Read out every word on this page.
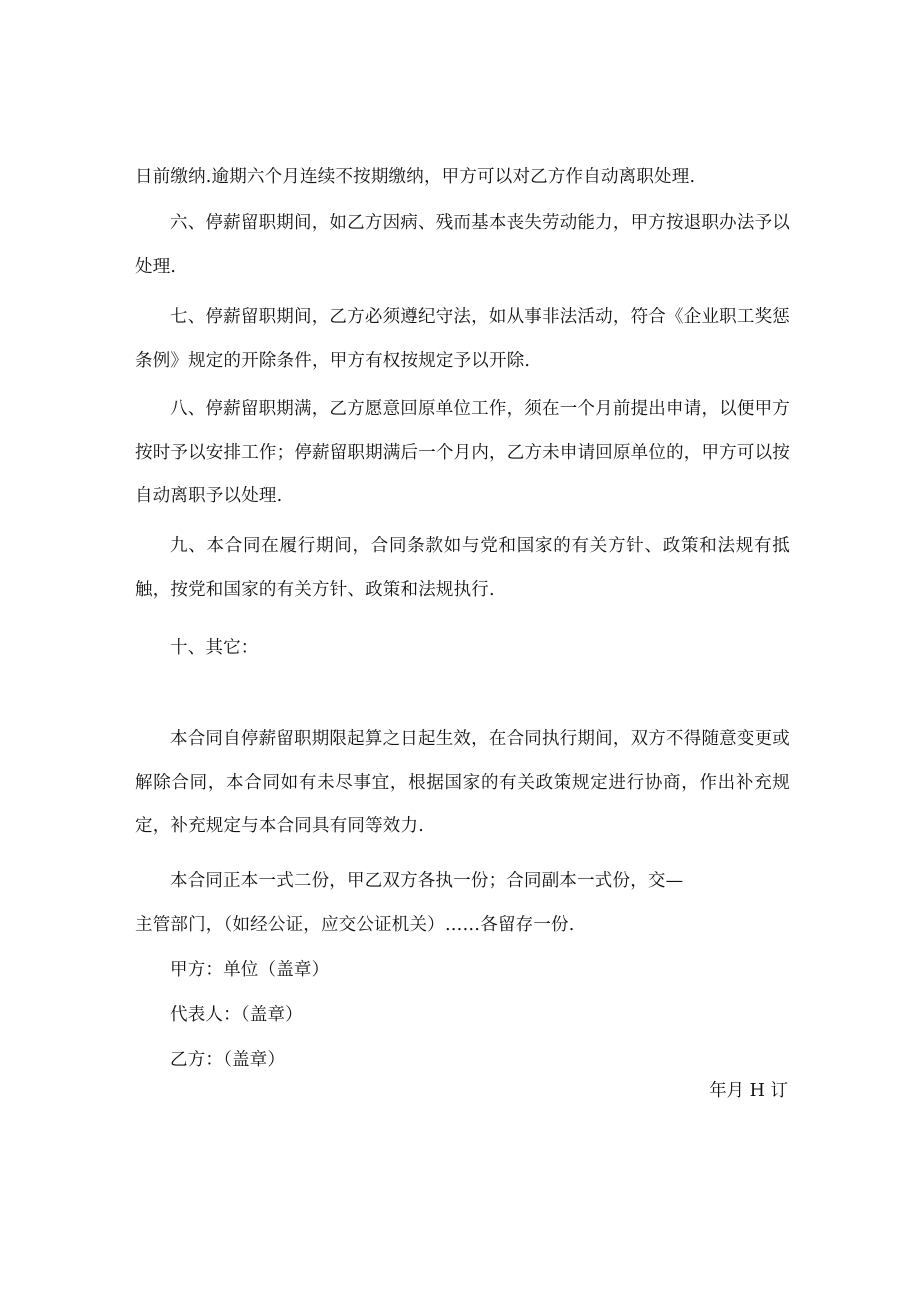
日前缴纳.逾期六个月连续不按期缴纳，甲方可以对乙方作自动离职处理.
六、停薪留职期间，如乙方因病、残而基本丧失劳动能力，甲方按退职办法予以处理.
七、停薪留职期间，乙方必须遵纪守法，如从事非法活动，符合《企业职工奖惩条例》规定的开除条件，甲方有权按规定予以开除.
八、停薪留职期满，乙方愿意回原单位工作，须在一个月前提出申请，以便甲方按时予以安排工作；停薪留职期满后一个月内，乙方未申请回原单位的，甲方可以按自动离职予以处理.
九、本合同在履行期间，合同条款如与党和国家的有关方针、政策和法规有抵触，按党和国家的有关方针、政策和法规执行.
十、其它：
本合同自停薪留职期限起算之日起生效，在合同执行期间，双方不得随意变更或解除合同，本合同如有未尽事宜，根据国家的有关政策规定进行协商，作出补充规定，补充规定与本合同具有同等效力.
本合同正本一式二份，甲乙双方各执一份；合同副本一式份，交—
主管部门，（如经公证，应交公证机关）……各留存一份.
甲方：单位（盖章）
代表人：（盖章）
乙方：（盖章）
年月 H 订
